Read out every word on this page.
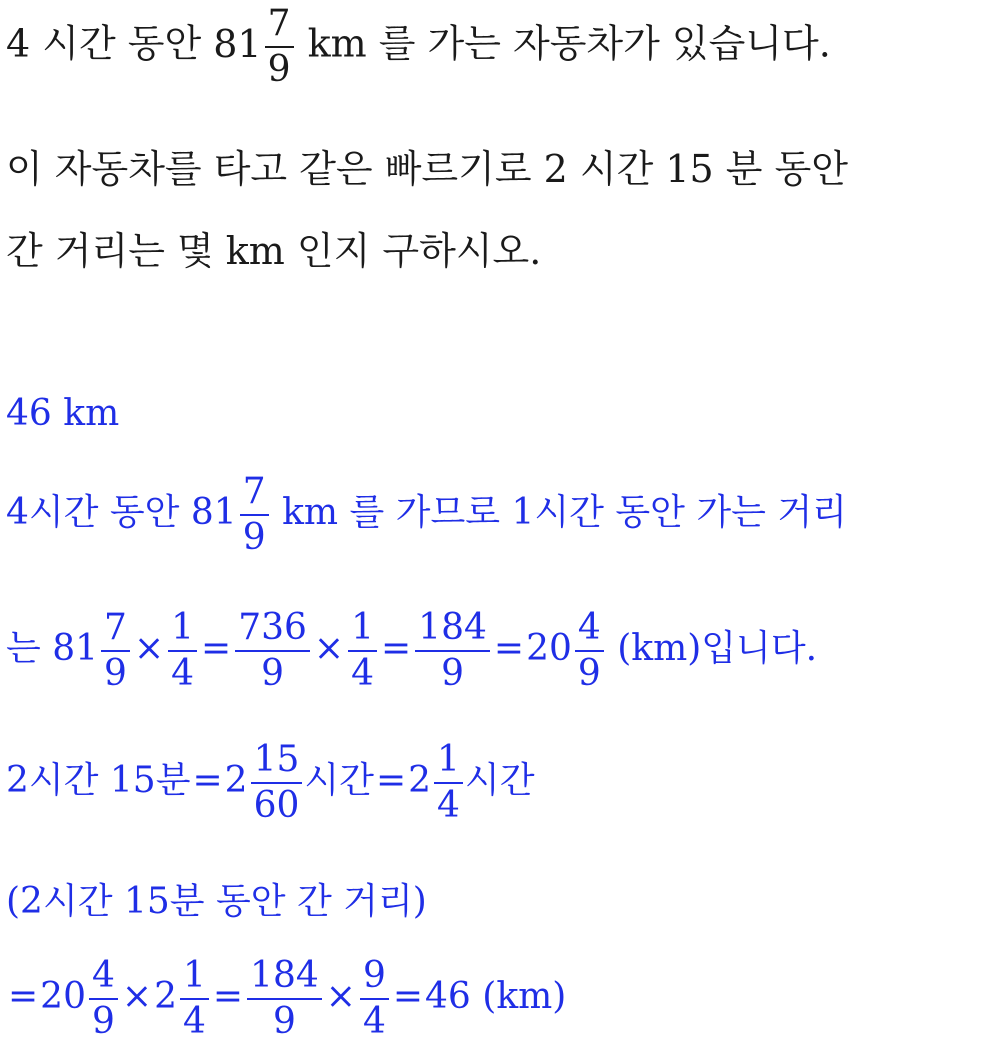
4 시간 동안 $81 \frac{7}{9}$ km 를 가는 자동차가 있습니다.
이 자동차를 타고 같은 빠르기로 2 시간 15 분 동안
간 거리는 몇 km 인지 구하시오.
46 km
4시간 동안 $81 \frac{7}{9}$ km 를 가므로 1시간 동안 가는 거리
는 $81 \frac{7}{9} \times \frac{1}{4} = \frac{736}{9} \times \frac{1}{4} = \frac{184}{9} =20 \frac{4}{9} (km)$입니다.
2시간 15분$=2 \frac{15}{60}$ 시간$=2 \frac{1}{4}$ 시간
(2시간 15분 동안 간 거리)
$=20 \frac{4}{9} \times 2 \frac{1}{4} = \frac{184}{9} \times \frac{9}{4} =46$ (km)
